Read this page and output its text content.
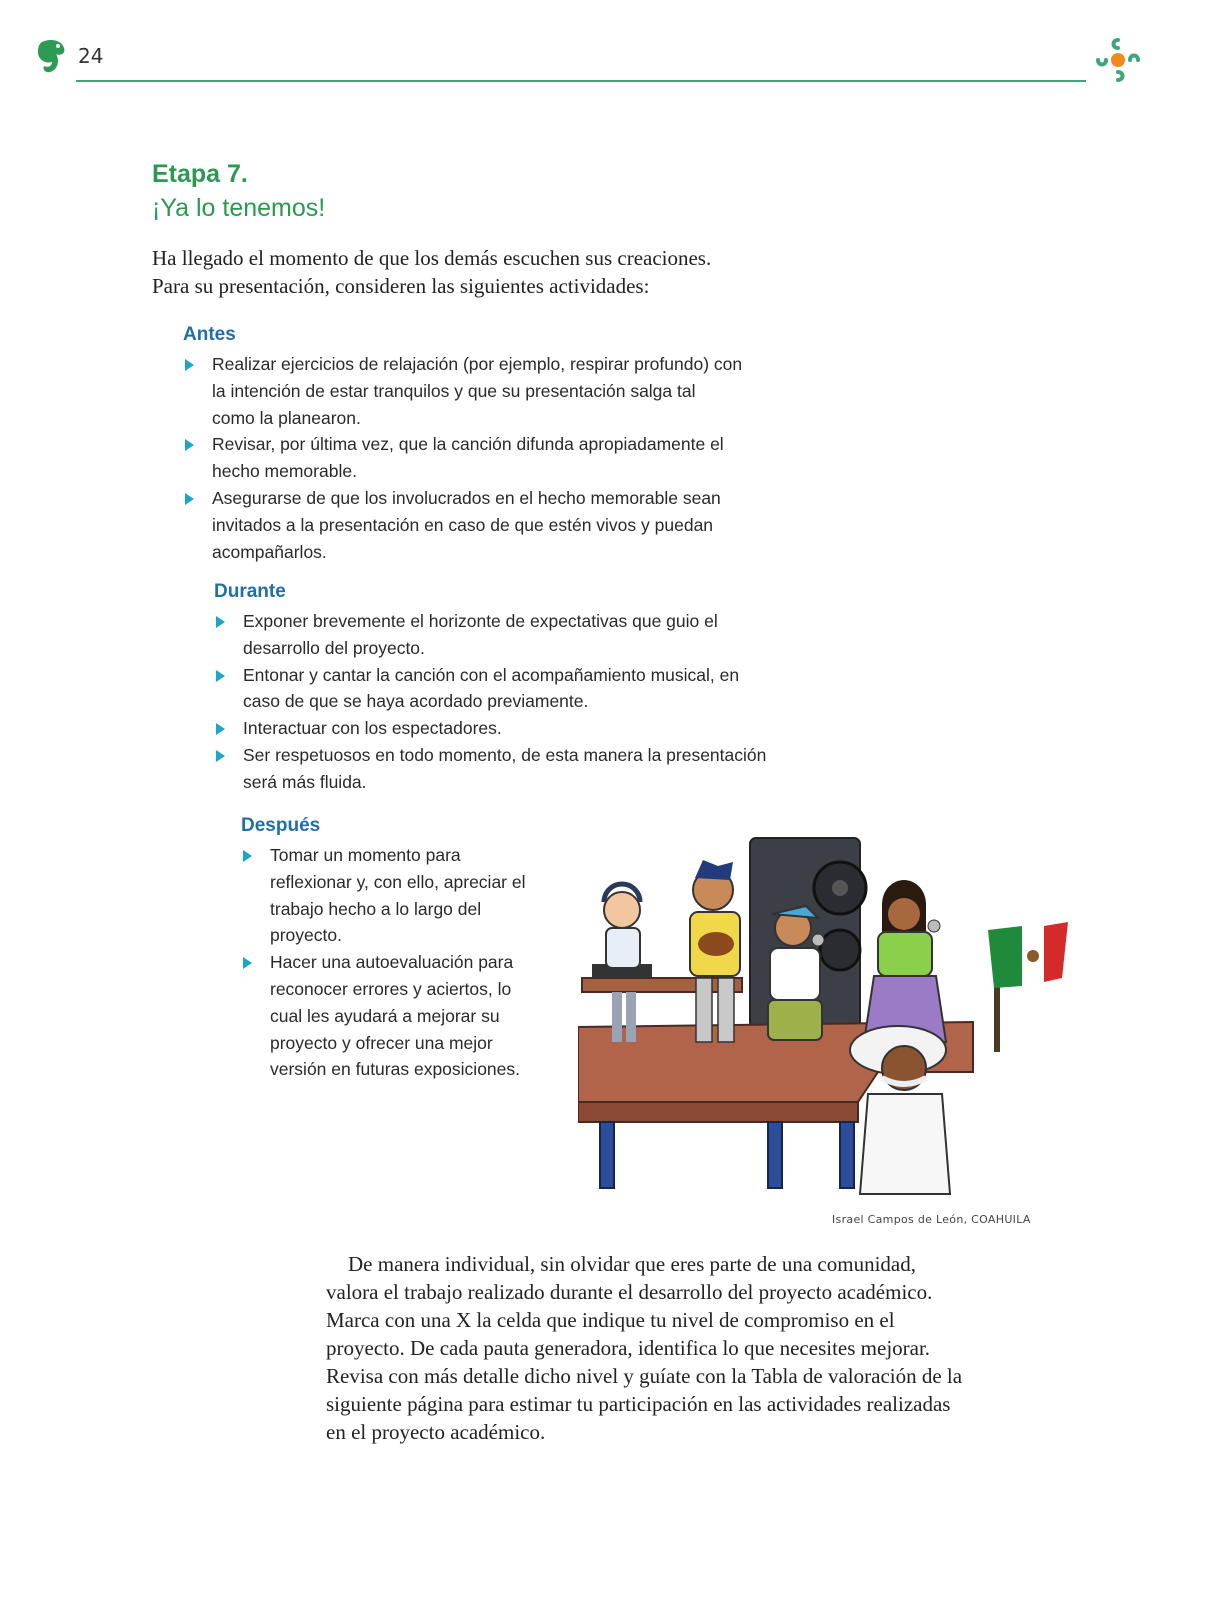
24
Etapa 7.
¡Ya lo tenemos!

Ha llegado el momento de que los demás escuchen sus creaciones.

Para su presentación, consideren las siguientes actividades:

Antes
Realizar ejercicios de relajación (por ejemplo, respirar profundo) con la intención de estar tranquilos y que su presentación salga tal como la planearon.
Revisar, por última vez, que la canción difunda apropiadamente el hecho memorable.
Asegurarse de que los involucrados en el hecho memorable sean invitados a la presentación en caso de que estén vivos y puedan acompañarlos.
Durante
Exponer brevemente el horizonte de expectativas que guio el desarrollo del proyecto.
Entonar y cantar la canción con el acompañamiento musical, en caso de que se haya acordado previamente.
Interactuar con los espectadores.
Ser respetuosos en todo momento, de esta manera la presentación será más fluida.
Después
Tomar un momento para reflexionar y, con ello, apreciar el trabajo hecho a lo largo del proyecto.
Hacer una autoevaluación para reconocer errores y aciertos, lo cual les ayudará a mejorar su proyecto y ofrecer una mejor versión en futuras exposiciones.
Israel Campos de León, COAHUILA

De manera individual, sin olvidar que eres parte de una comunidad, valora el trabajo realizado durante el desarrollo del proyecto académico. Marca con una X la celda que indique tu nivel de compromiso en el proyecto. De cada pauta generadora, identifica lo que necesites mejorar. Revisa con más detalle dicho nivel y guíate con la Tabla de valoración de la siguiente página para estimar tu participación en las actividades realizadas en el proyecto académico.
